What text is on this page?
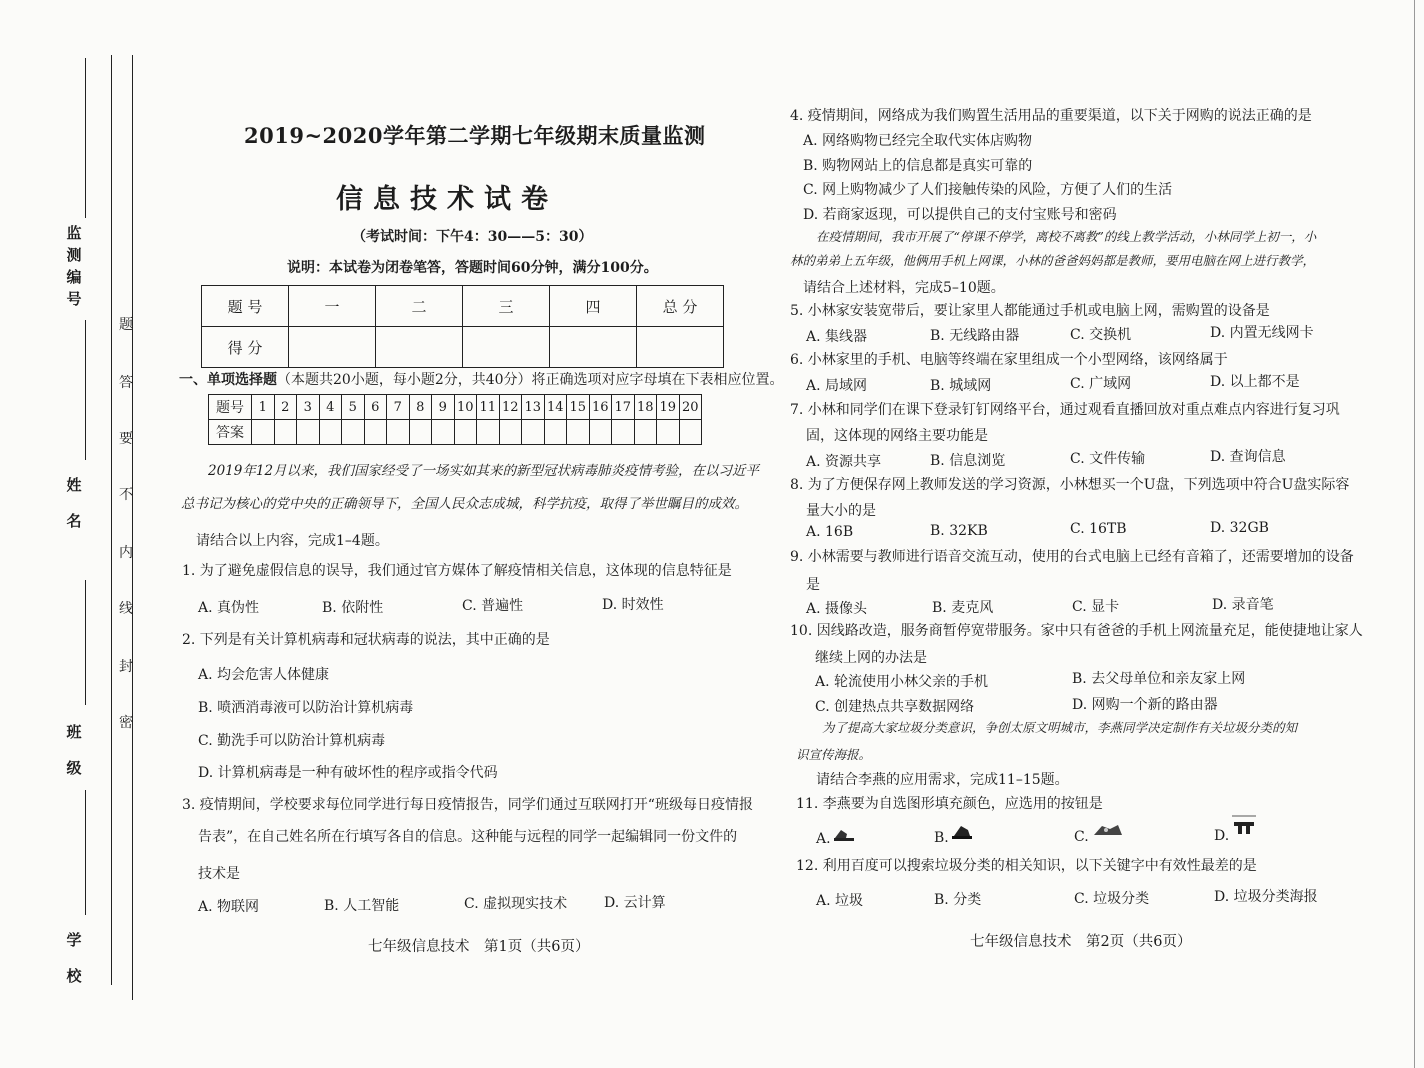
监测编号
姓名
班级
学校
题
答
要
不
内
线
封
密
2019~2020学年第二学期七年级期末质量监测
信息技术试卷
（考试时间：下午4：30——5：30）
说明：本试卷为闭卷笔答，答题时间60分钟，满分100分。
题 号	一	二	三	四	总 分
得 分					
一、单项选择题（本题共20小题，每小题2分，共40分）将正确选项对应字母填在下表相应位置。
题号	1	2	3	4	5	6	7	8	9	10	11	12	13	14	15	16	17	18	19	20
答案																				
2019年12月以来，我们国家经受了一场实如其来的新型冠状病毒肺炎疫情考验，在以习近平
总书记为核心的党中央的正确领导下，全国人民众志成城，科学抗疫，取得了举世瞩目的成效。
请结合以上内容，完成1–4题。
1. 为了避免虚假信息的误导，我们通过官方媒体了解疫情相关信息，这体现的信息特征是
A. 真伪性	B. 依附性	C. 普遍性	D. 时效性
2. 下列是有关计算机病毒和冠状病毒的说法，其中正确的是
A. 均会危害人体健康
B. 喷洒消毒液可以防治计算机病毒
C. 勤洗手可以防治计算机病毒
D. 计算机病毒是一种有破坏性的程序或指令代码
3. 疫情期间，学校要求每位同学进行每日疫情报告，同学们通过互联网打开“班级每日疫情报
告表”，在自己姓名所在行填写各自的信息。这种能与远程的同学一起编辑同一份文件的
技术是
A. 物联网	B. 人工智能	C. 虚拟现实技术	D. 云计算
七年级信息技术　第1页（共6页）
4. 疫情期间，网络成为我们购置生活用品的重要渠道，以下关于网购的说法正确的是
A. 网络购物已经完全取代实体店购物
B. 购物网站上的信息都是真实可靠的
C. 网上购物减少了人们接触传染的风险，方便了人们的生活
D. 若商家返现，可以提供自己的支付宝账号和密码
在疫情期间，我市开展了“停课不停学，离校不离教”的线上教学活动，小林同学上初一，小
林的弟弟上五年级，他俩用手机上网课，小林的爸爸妈妈都是教师，要用电脑在网上进行教学，
请结合上述材料，完成5–10题。
5. 小林家安装宽带后，要让家里人都能通过手机或电脑上网，需购置的设备是
A. 集线器	B. 无线路由器	C. 交换机	D. 内置无线网卡
6. 小林家里的手机、电脑等终端在家里组成一个小型网络，该网络属于
A. 局域网	B. 城域网	C. 广域网	D. 以上都不是
7. 小林和同学们在课下登录钉钉网络平台，通过观看直播回放对重点难点内容进行复习巩
固，这体现的网络主要功能是
A. 资源共享	B. 信息浏览	C. 文件传输	D. 查询信息
8. 为了方便保存网上教师发送的学习资源，小林想买一个U盘，下列选项中符合U盘实际容
量大小的是
A. 16B	B. 32KB	C. 16TB	D. 32GB
9. 小林需要与教师进行语音交流互动，使用的台式电脑上已经有音箱了，还需要增加的设备
是
A. 摄像头	B. 麦克风	C. 显卡	D. 录音笔
10. 因线路改造，服务商暂停宽带服务。家中只有爸爸的手机上网流量充足，能使捷地让家人
继续上网的办法是
A. 轮流使用小林父亲的手机	B. 去父母单位和亲友家上网
C. 创建热点共享数据网络	D. 网购一个新的路由器
为了提高大家垃圾分类意识，争创太原文明城市，李燕同学决定制作有关垃圾分类的知
识宣传海报。
请结合李燕的应用需求，完成11–15题。
11. 李燕要为自选图形填充颜色，应选用的按钮是
A.	B.	C.	D.
12. 利用百度可以搜索垃圾分类的相关知识，以下关键字中有效性最差的是
A. 垃圾	B. 分类	C. 垃圾分类	D. 垃圾分类海报
七年级信息技术　第2页（共6页）
